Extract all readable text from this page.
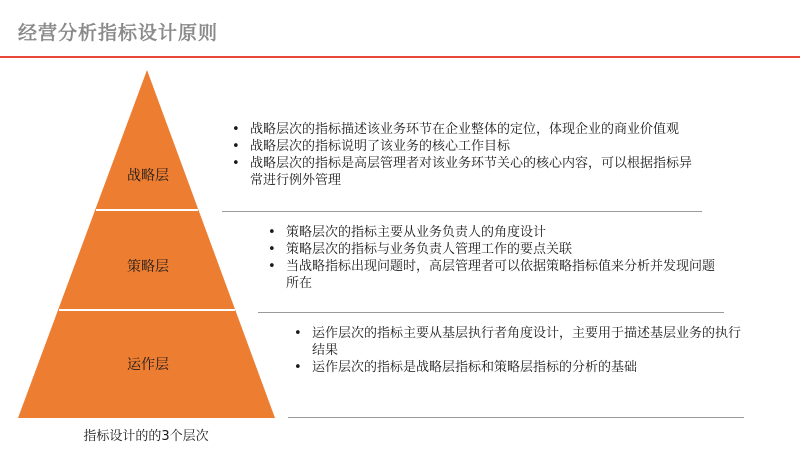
经营分析指标设计原则
战略层
策略层
运作层
指标设计的的3个层次
• 战略层次的指标描述该业务环节在企业整体的定位，体现企业的商业价值观
• 战略层次的指标说明了该业务的核心工作目标
• 战略层次的指标是高层管理者对该业务环节关心的核心内容，可以根据指标异常进行例外管理
• 策略层次的指标主要从业务负责人的角度设计
• 策略层次的指标与业务负责人管理工作的要点关联
• 当战略指标出现问题时，高层管理者可以依据策略指标值来分析并发现问题所在
• 运作层次的指标主要从基层执行者角度设计，主要用于描述基层业务的执行结果
• 运作层次的指标是战略层指标和策略层指标的分析的基础
